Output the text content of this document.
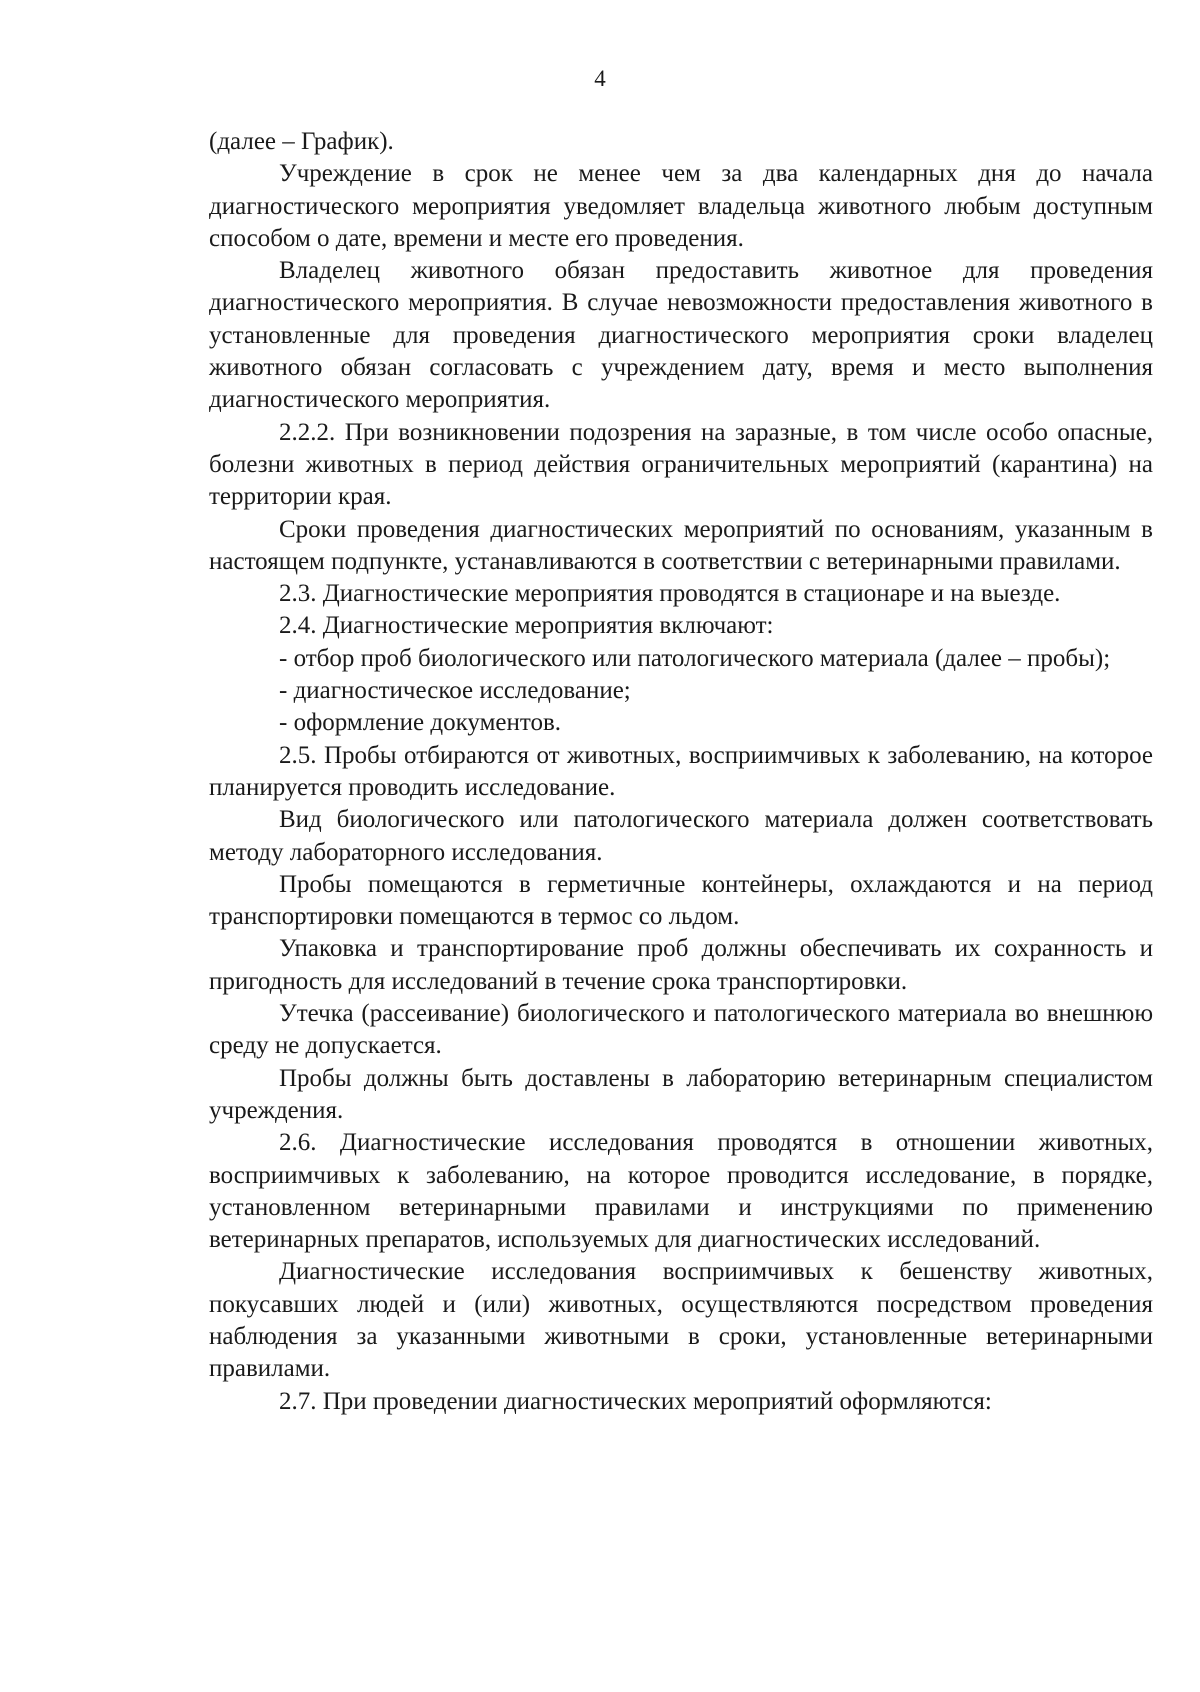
4

(далее – График).

Учреждение в срок не менее чем за два календарных дня до начала диагностического мероприятия уведомляет владельца животного любым доступным способом о дате, времени и месте его проведения.

Владелец животного обязан предоставить животное для проведения диагностического мероприятия. В случае невозможности предоставления животного в установленные для проведения диагностического мероприятия сроки владелец животного обязан согласовать с учреждением дату, время и место выполнения диагностического мероприятия.

2.2.2. При возникновении подозрения на заразные, в том числе особо опасные, болезни животных в период действия ограничительных мероприятий (карантина) на территории края.

Сроки проведения диагностических мероприятий по основаниям, указанным в настоящем подпункте, устанавливаются в соответствии с ветеринарными правилами.

2.3. Диагностические мероприятия проводятся в стационаре и на выезде.

2.4. Диагностические мероприятия включают:

- отбор проб биологического или патологического материала (далее – пробы);

- диагностическое исследование;

- оформление документов.

2.5. Пробы отбираются от животных, восприимчивых к заболеванию, на которое планируется проводить исследование.

Вид биологического или патологического материала должен соответствовать методу лабораторного исследования.

Пробы помещаются в герметичные контейнеры, охлаждаются и на период транспортировки помещаются в термос со льдом.

Упаковка и транспортирование проб должны обеспечивать их сохранность и пригодность для исследований в течение срока транспортировки.

Утечка (рассеивание) биологического и патологического материала во внешнюю среду не допускается.

Пробы должны быть доставлены в лабораторию ветеринарным специалистом учреждения.

2.6. Диагностические исследования проводятся в отношении животных, восприимчивых к заболеванию, на которое проводится исследование, в порядке, установленном ветеринарными правилами и инструкциями по применению ветеринарных препаратов, используемых для диагностических исследований.

Диагностические исследования восприимчивых к бешенству животных, покусавших людей и (или) животных, осуществляются посредством проведения наблюдения за указанными животными в сроки, установленные ветеринарными правилами.

2.7. При проведении диагностических мероприятий оформляются:
